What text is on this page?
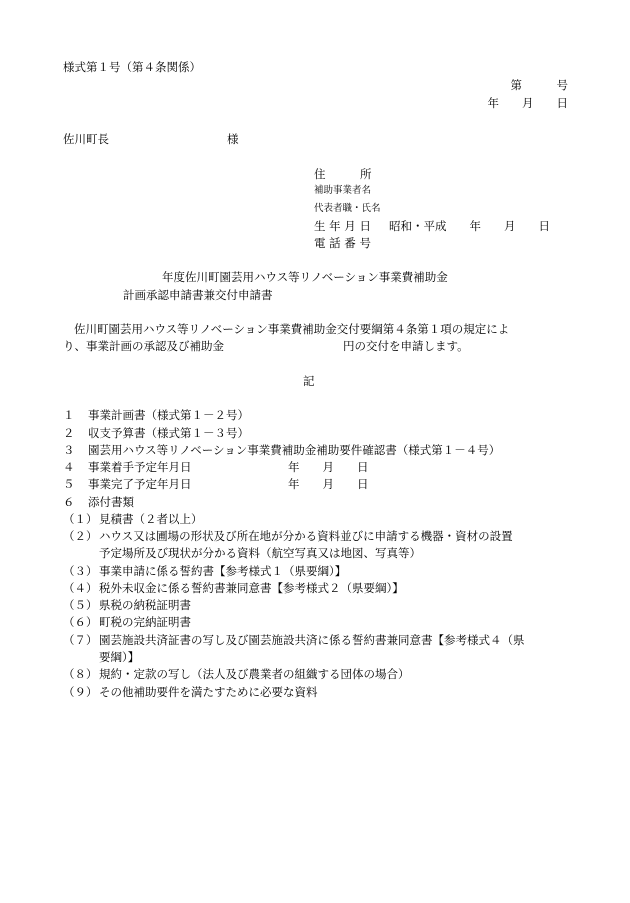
様式第１号（第４条関係）
第　　　号
年　　月　　日
佐川町長	様
住　　　所
補助事業者名
代表者職・氏名
生 年 月 日 昭和・平成　　年　　月　　日
電 話 番 号
年度佐川町園芸用ハウス等リノベーション事業費補助金
計画承認申請書兼交付申請書
佐川町園芸用ハウス等リノベーション事業費補助金交付要綱第４条第１項の規定によ
り、事業計画の承認及び補助金	円の交付を申請します。
記
１ 事業計画書（様式第１－２号）
２ 収支予算書（様式第１－３号）
３ 園芸用ハウス等リノベーション事業費補助金補助要件確認書（様式第１－４号）
４ 事業着手予定年月日	年　　月　　日
５ 事業完了予定年月日	年　　月　　日
６ 添付書類
（１） 見積書（２者以上）
（２） ハウス又は圃場の形状及び所在地が分かる資料並びに申請する機器・資材の設置
予定場所及び現状が分かる資料（航空写真又は地図、写真等）
（３） 事業申請に係る誓約書【参考様式１（県要綱）】
（４） 税外未収金に係る誓約書兼同意書【参考様式２（県要綱）】
（５） 県税の納税証明書
（６） 町税の完納証明書
（７） 園芸施設共済証書の写し及び園芸施設共済に係る誓約書兼同意書【参考様式４（県
要綱）】
（８） 規約・定款の写し（法人及び農業者の組織する団体の場合）
（９） その他補助要件を満たすために必要な資料
